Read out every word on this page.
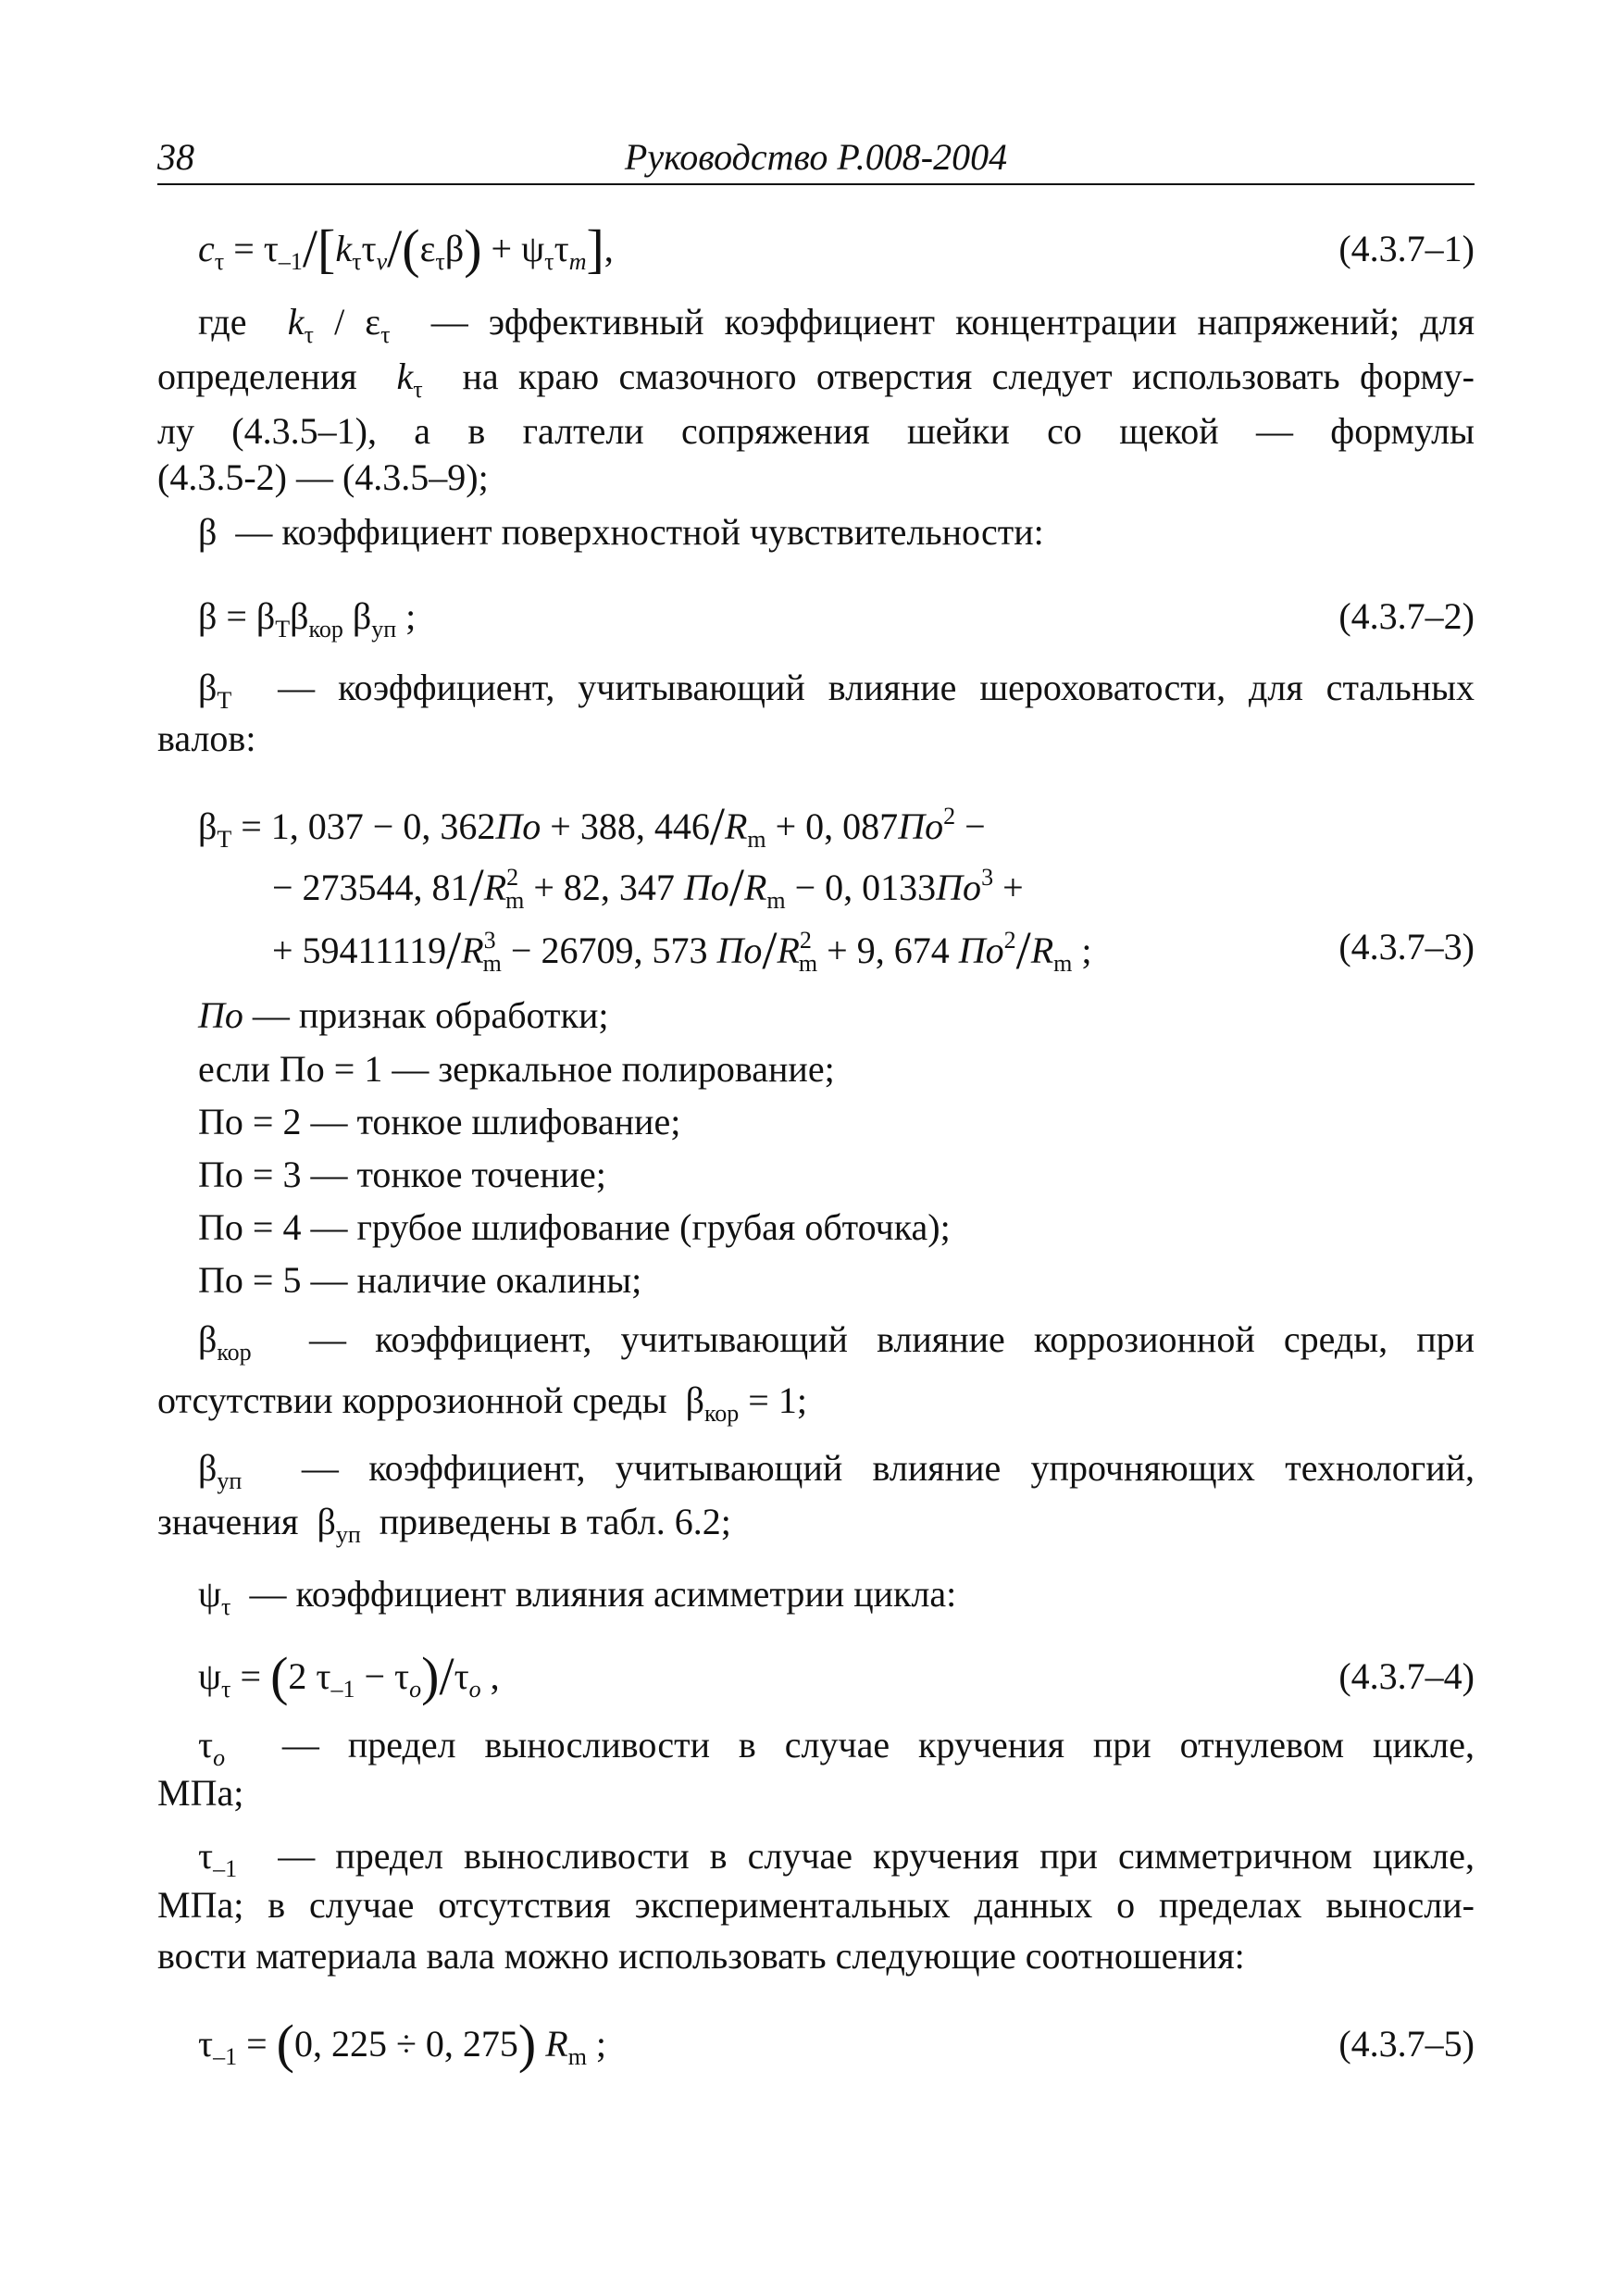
38	Руководство Р.008-2004
$c_\tau = \tau_{-1}/[k_\tau\tau_v/(\varepsilon_\tau\beta) + \psi_\tau\tau_m]$,	(4.3.7–1)
где  $k_\tau / \varepsilon_\tau$ — эффективный коэффициент концентрации напряжений; для
определения $k_\tau$ на краю смазочного отверстия следует использовать форму-
лу (4.3.5–1), а в галтели сопряжения шейки со щекой — формулы
(4.3.5-2) — (4.3.5–9);
β  — коэффициент поверхностной чувствительности:
$\beta = \beta_T\beta_{кор}$ $\beta_{уп}$ ;	(4.3.7–2)
$\beta_T$ — коэффициент, учитывающий влияние шероховатости, для стальных
валов:
$\beta_T = 1$, 037 − 0, 362По + 388, $446/R_m + 0$, $087По^2$ −
− 273544, $81/R^2_m + 82$, 347 $По/R_m - 0$, $0133По^3$ +
+ $59411119/R^3_m - 26709$, 573 $По/R^2_m + 9$, 674 $По^2/R_m$ ;	(4.3.7–3)
По — признак обработки;
если По = 1 — зеркальное полирование;
По = 2 — тонкое шлифование;
По = 3 — тонкое точение;
По = 4 — грубое шлифование (грубая обточка);
По = 5 — наличие окалины;
$\beta_{кор}$ — коэффициент, учитывающий влияние коррозионной среды, при
отсутствии коррозионной среды  $\beta_{кор} = 1$;
$\beta_{уп}$ — коэффициент, учитывающий влияние упрочняющих технологий,
значения  $\beta_{уп}$ приведены в табл. 6.2;
$\psi_\tau$ — коэффициент влияния асимметрии цикла:
$\psi_\tau = (2$ $\tau_{-1} - \tau_o)/\tau_o$ ,	(4.3.7–4)
$\tau_o$ — предел выносливости в случае кручения при отнулевом цикле,
МПа;
$\tau_{-1}$ — предел выносливости в случае кручения при симметричном цикле,
МПа; в случае отсутствия экспериментальных данных о пределах выносли-
вости материала вала можно использовать следующие соотношения:
$\tau_{-1} = (0$, 225 ÷ 0, 275) $R_m$ ;	(4.3.7–5)
